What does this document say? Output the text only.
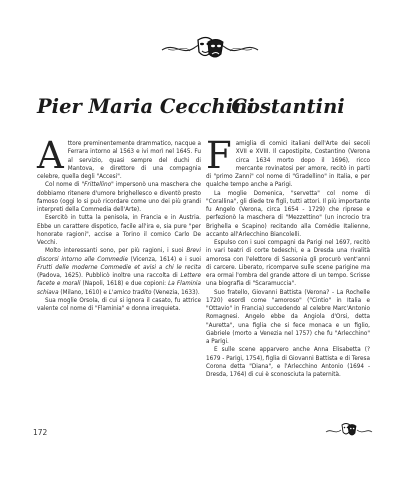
Pier Maria Cecchini

Attore preminentemente drammatico, nacque a Ferrara intorno al 1563 e ivi morì nel 1645. Fu al servizio, quasi sempre del duchi di Mantova, e direttore di una compagnia celebre, quella degli "Accesi".

Col nome di "Frittellino" impersonò una maschera che dobbiamo ritenere d'umore brighellesco e diventò presto famoso (oggi lo si può ricordare come uno dei più grandi interpreti della Commedia dell'Arte).

Esercitò in tutta la penisola, in Francia e in Austria. Ebbe un carattere dispotico, facile all'ira e, sia pure "per honorate ragioni", accise a Torino il comico Carlo De Vecchi.

Molto interessanti sono, per più ragioni, i suoi Brevi discorsi intorno alle Commedie (Vicenza, 1614) e i suoi Frutti delle moderne Commedie et avisi a chi le recita (Padova, 1625). Pubblicò inoltre una raccolta di Lettere facete e morali (Napoli, 1618) e due copioni: La Flaminia schiava (Milano, 1610) e L'amico tradito (Venezia, 1633).

Sua moglie Orsola, di cui si ignora il casato, fu attrice valente col nome di "Flaminia" e donna irrequieta.

Costantini

Famiglia di comici italiani dell'Arte dei secoli XVII e XVIII. Il capostipite, Costantino (Verona circa 1634 morto dopo il 1696), ricco mercante rovinatosi per amore, recitò in parti di "primo Zanni" col nome di "Gradellino" in Italia, e per qualche tempo anche a Parigi.

La moglie Domenica, "servetta" col nome di "Corallina", gli diede tre figli, tutti attori. Il più importante fu Angelo (Verona, circa 1654 - 1729) che riprese e perfezionò la maschera di "Mezzettino" (un incrocio tra Brighella e Scapino) recitando alla Comédie Italienne, accanto all'Arlecchino Biancolelli.

Espulso con i suoi compagni da Parigi nel 1697, recitò in vari teatri di corte tedeschi, e a Dresda una rivalità amorosa con l'elettore di Sassonia gli procurò vent'anni di carcere. Liberato, ricomparve sulle scene parigine ma era ormai l'ombra del grande attore di un tempo. Scrisse una biografia di "Scaramuccia".

Suo fratello, Giovanni Battista (Verona? - La Rochelle 1720) esordì come "amoroso" ("Cintio" in Italia e "Ottavio" in Francia) succedendo al celebre Marc'Antonio Romagnesi. Angelo ebbe da Angiola d'Orsi, detta "Auretta", una figlia che si fece monaca e un figlio, Gabriele (morto a Venezia nel 1757) che fu "Arlecchino" a Parigi.

E sulle scene apparvero anche Anna Elisabetta (? 1679 - Parigi, 1754), figlia di Giovanni Battista e di Teresa Corona detta "Diana", e l'Arlecchino Antonio (1694 - Dresda, 1764) di cui è sconosciuta la paternità.

172
